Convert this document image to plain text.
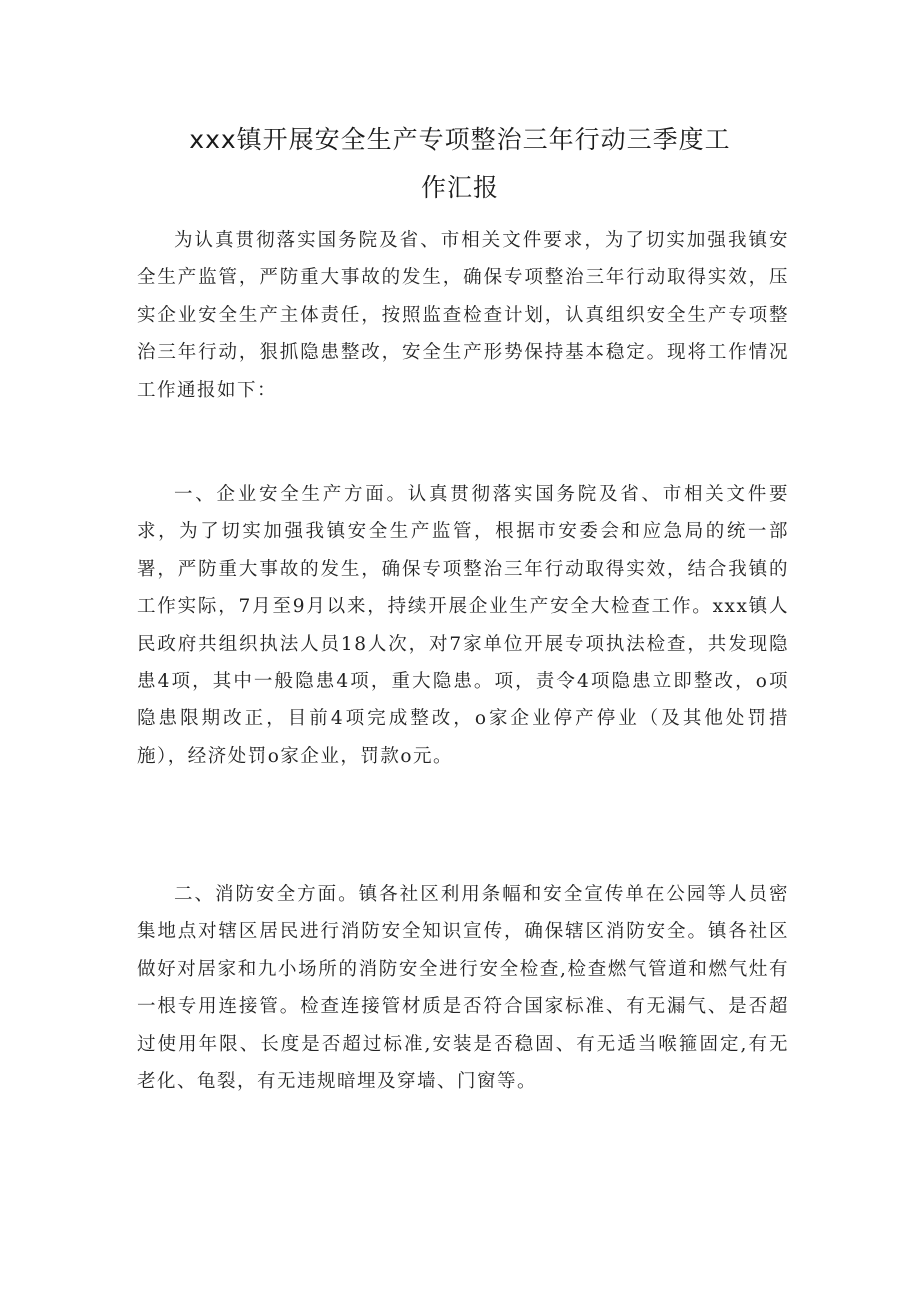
xxx镇开展安全生产专项整治三年行动三季度工
作汇报

为认真贯彻落实国务院及省、市相关文件要求，为了切实加强我镇安全生产监管，严防重大事故的发生，确保专项整治三年行动取得实效，压实企业安全生产主体责任，按照监查检查计划，认真组织安全生产专项整治三年行动，狠抓隐患整改，安全生产形势保持基本稳定。现将工作情况工作通报如下：

一、企业安全生产方面。认真贯彻落实国务院及省、市相关文件要求，为了切实加强我镇安全生产监管，根据市安委会和应急局的统一部署，严防重大事故的发生，确保专项整治三年行动取得实效，结合我镇的工作实际，7月至9月以来，持续开展企业生产安全大检查工作。xxx镇人民政府共组织执法人员18人次，对7家单位开展专项执法检查，共发现隐患4项，其中一般隐患4项，重大隐患。项，责令4项隐患立即整改，o项隐患限期改正，目前4项完成整改，o家企业停产停业（及其他处罚措施），经济处罚o家企业，罚款o元。

二、消防安全方面。镇各社区利用条幅和安全宣传单在公园等人员密集地点对辖区居民进行消防安全知识宣传，确保辖区消防安全。镇各社区做好对居家和九小场所的消防安全进行安全检查,检查燃气管道和燃气灶有一根专用连接管。检查连接管材质是否符合国家标准、有无漏气、是否超过使用年限、长度是否超过标准,安装是否稳固、有无适当喉箍固定,有无老化、龟裂，有无违规暗埋及穿墙、门窗等。
